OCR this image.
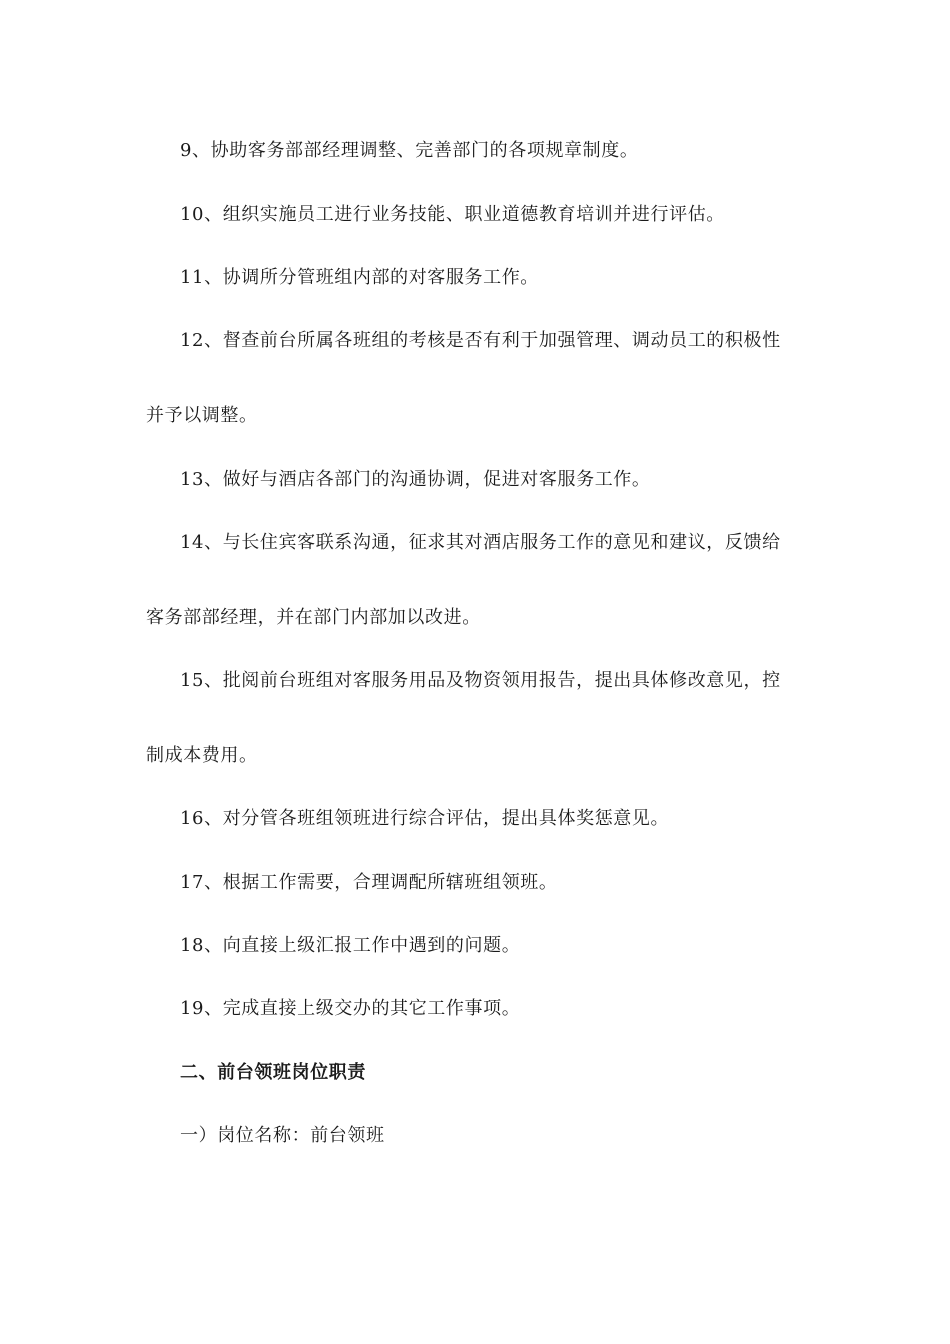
9、协助客务部部经理调整、完善部门的各项规章制度。
10、组织实施员工进行业务技能、职业道德教育培训并进行评估。
11、协调所分管班组内部的对客服务工作。
12、督查前台所属各班组的考核是否有利于加强管理、调动员工的积极性
并予以调整。
13、做好与酒店各部门的沟通协调，促进对客服务工作。
14、与长住宾客联系沟通，征求其对酒店服务工作的意见和建议，反馈给
客务部部经理，并在部门内部加以改进。
15、批阅前台班组对客服务用品及物资领用报告，提出具体修改意见，控
制成本费用。
16、对分管各班组领班进行综合评估，提出具体奖惩意见。
17、根据工作需要，合理调配所辖班组领班。
18、向直接上级汇报工作中遇到的问题。
19、完成直接上级交办的其它工作事项。
二、前台领班岗位职责
一）岗位名称：前台领班
